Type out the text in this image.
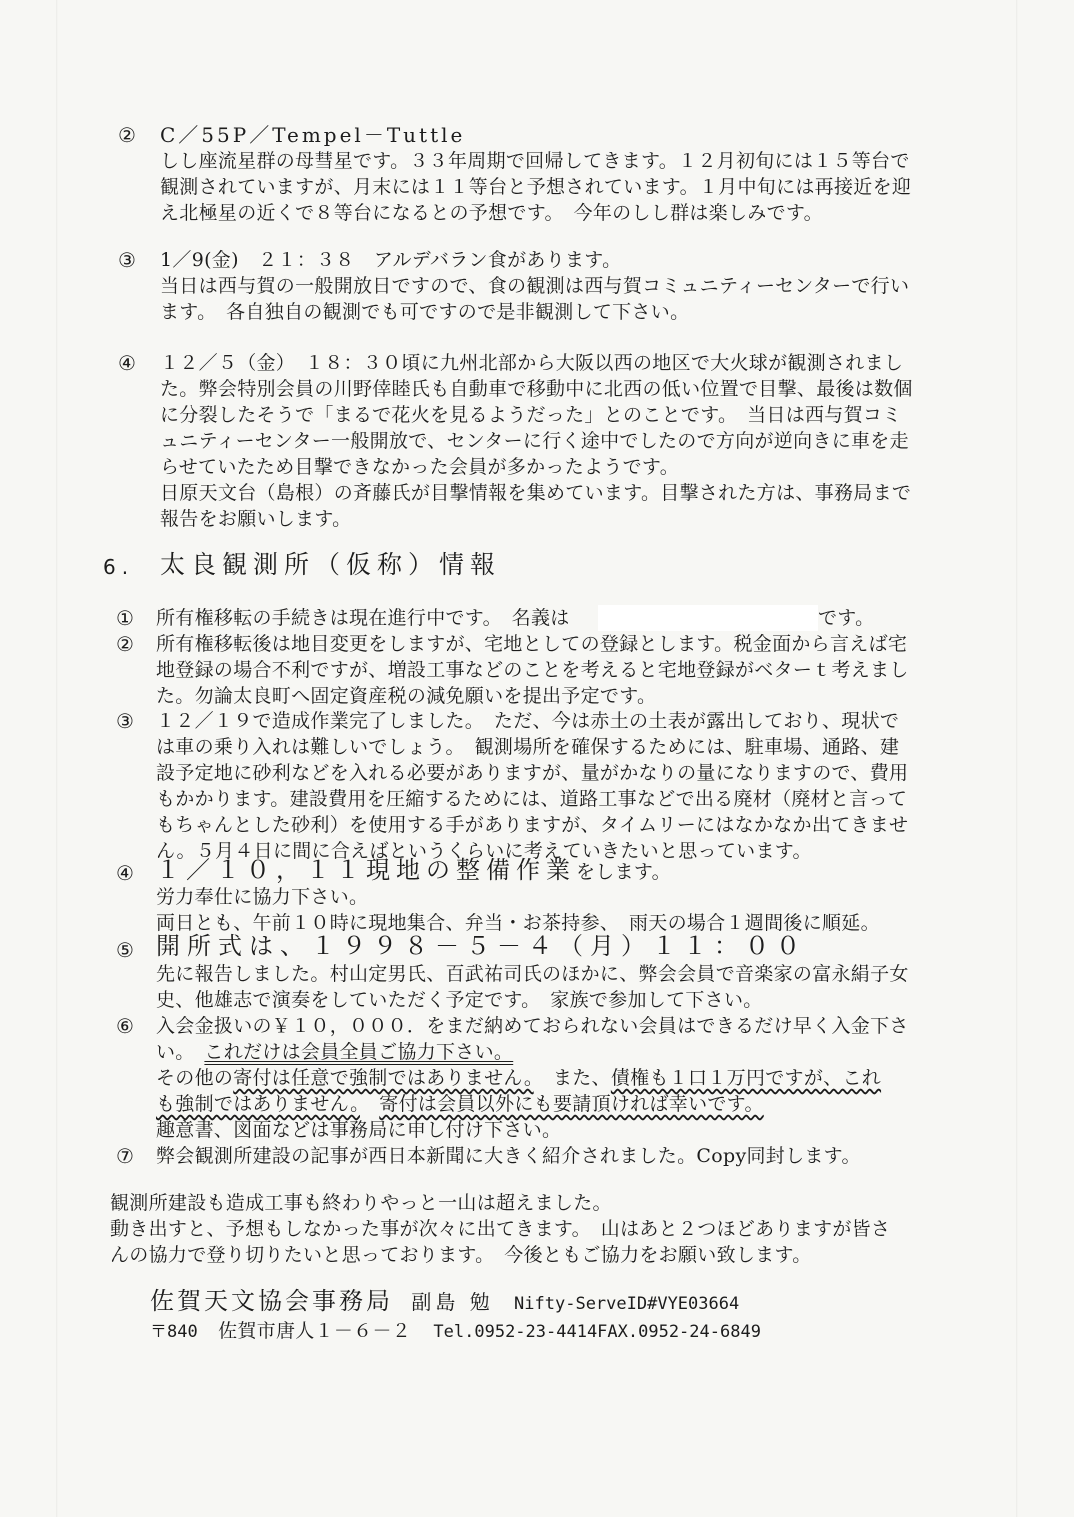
② C／55P／Tempel－Tuttle
しし座流星群の母彗星です。３３年周期で回帰してきます。１２月初旬には１５等台で
観測されていますが、月末には１１等台と予想されています。１月中旬には再接近を迎
え北極星の近くで８等台になるとの予想です。　今年のしし群は楽しみです。
③ 1／9(金)　２１：３８　アルデバラン食があります。
当日は西与賀の一般開放日ですので、食の観測は西与賀コミュニティーセンターで行い
ます。　各自独自の観測でも可ですので是非観測して下さい。
④ １２／５（金）　１８：３０頃に九州北部から大阪以西の地区で大火球が観測されまし
た。弊会特別会員の川野倖睦氏も自動車で移動中に北西の低い位置で目撃、最後は数個
に分裂したそうで「まるで花火を見るようだった」とのことです。　当日は西与賀コミ
ュニティーセンター一般開放で、センターに行く途中でしたので方向が逆向きに車を走
らせていたため目撃できなかった会員が多かったようです。
日原天文台（島根）の斉藤氏が目撃情報を集めています。目撃された方は、事務局まで
報告をお願いします。
6. 太良観測所（仮称）情報
① 所有権移転の手続きは現在進行中です。　名義は	です。
② 所有権移転後は地目変更をしますが、宅地としての登録とします。税金面から言えば宅
地登録の場合不利ですが、増設工事などのことを考えると宅地登録がベターｔ考えまし
た。勿論太良町へ固定資産税の減免願いを提出予定です。
③ １２／１９で造成作業完了しました。　ただ、今は赤土の土表が露出しており、現状で
は車の乗り入れは難しいでしょう。　観測場所を確保するためには、駐車場、通路、建
設予定地に砂利などを入れる必要がありますが、量がかなりの量になりますので、費用
もかかります。建設費用を圧縮するためには、道路工事などで出る廃材（廃材と言って
もちゃんとした砂利）を使用する手がありますが、タイムリーにはなかなか出てきませ
ん。５月４日に間に合えばというくらいに考えていきたいと思っています。
④ １／１０，１１現地の整備作業をします。
労力奉仕に協力下さい。
両日とも、午前１０時に現地集合、弁当・お茶持参、　雨天の場合１週間後に順延。
⑤ 開所式は、１９９８－５－４（月）１１：００
先に報告しました。村山定男氏、百武祐司氏のほかに、弊会会員で音楽家の富永絹子女
史、他雄志で演奏をしていただく予定です。　家族で参加して下さい。
⑥ 入会金扱いの￥１０，０００．をまだ納めておられない会員はできるだけ早く入金下さ
い。　これだけは会員全員ご協力下さい。
その他の寄付は任意で強制ではありません。　また、債権も１口１万円ですが、これ
も強制ではありません。　 寄付は会員以外にも要請頂ければ幸いです。
趣意書、図面などは事務局に申し付け下さい。
⑦ 弊会観測所建設の記事が西日本新聞に大きく紹介されました。Copy同封します。
観測所建設も造成工事も終わりやっと一山は超えました。
動き出すと、予想もしなかった事が次々に出てきます。　山はあと２つほどありますが皆さ
んの協力で登り切りたいと思っております。　今後ともご協力をお願い致します。
佐賀天文協会事務局 副島 勉 Nifty-ServeID#VYE03664
〒840 佐賀市唐人１－６－２ Tel.0952-23-4414FAX.0952-24-6849
